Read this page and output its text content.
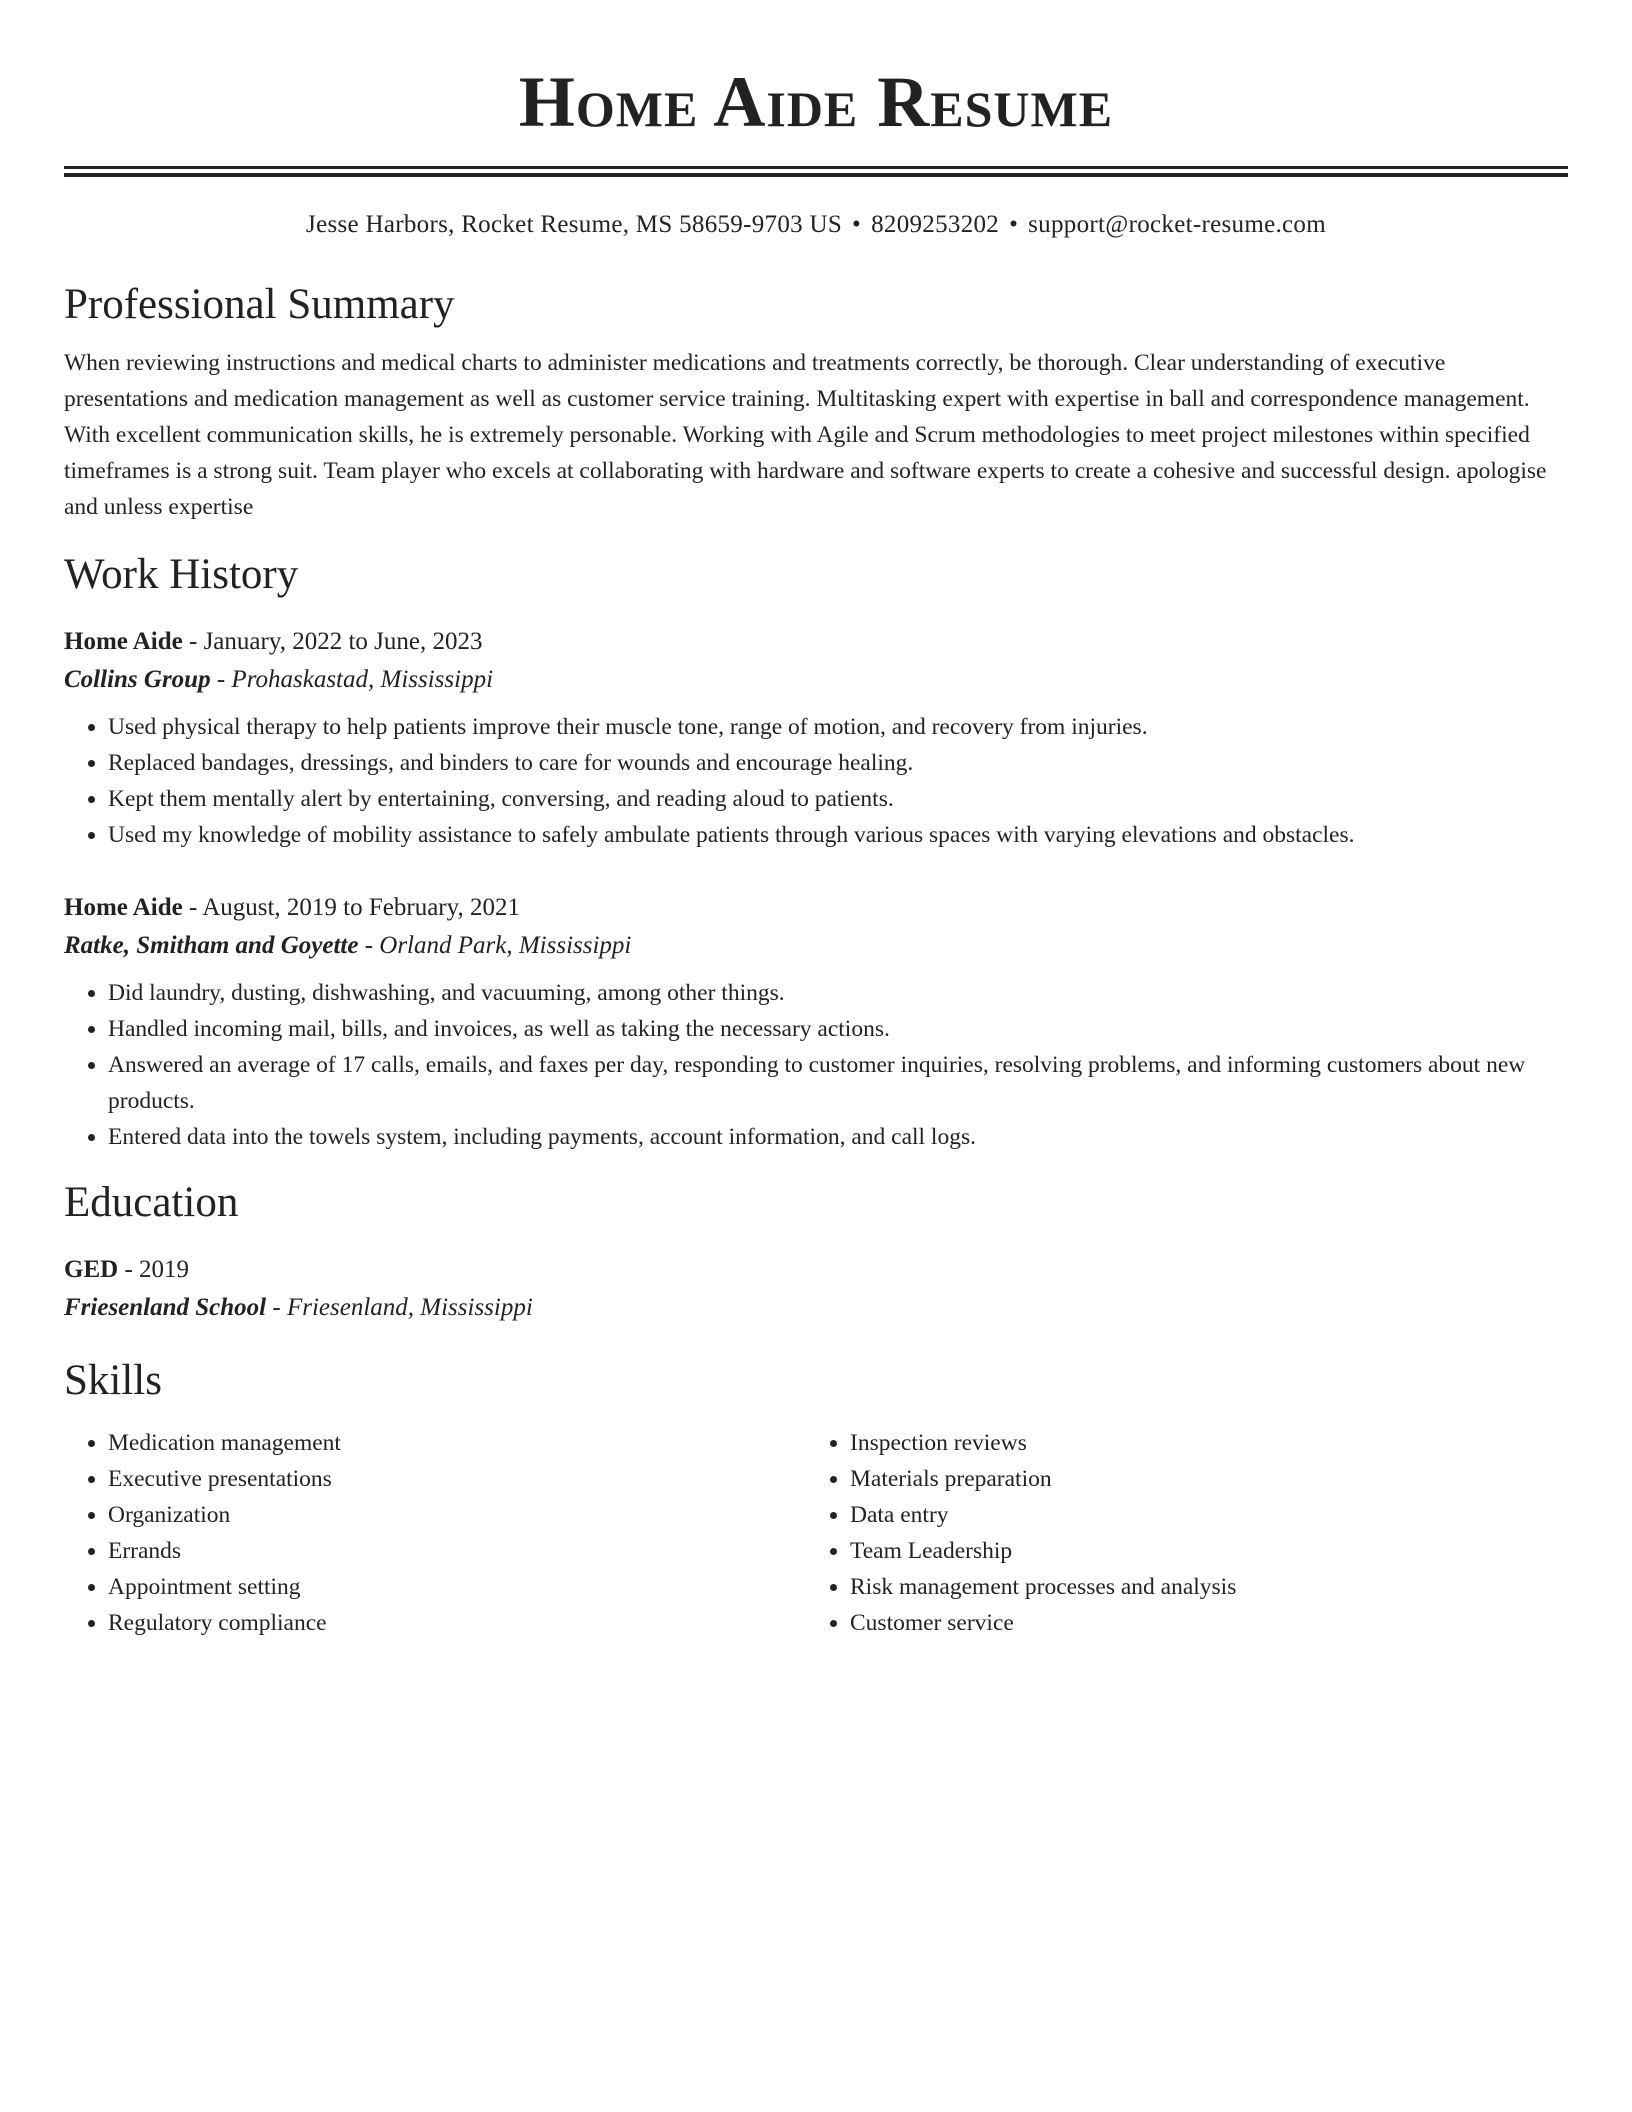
Home Aide Resume
Jesse Harbors, Rocket Resume, MS 58659-9703 US • 8209253202 • support@rocket-resume.com
Professional Summary

When reviewing instructions and medical charts to administer medications and treatments correctly, be thorough. Clear understanding of executive presentations and medication management as well as customer service training. Multitasking expert with expertise in ball and correspondence management. With excellent communication skills, he is extremely personable. Working with Agile and Scrum methodologies to meet project milestones within specified timeframes is a strong suit. Team player who excels at collaborating with hardware and software experts to create a cohesive and successful design. apologise and unless expertise

Work History
Home Aide - January, 2022 to June, 2023
Collins Group - Prohaskastad, Mississippi
• Used physical therapy to help patients improve their muscle tone, range of motion, and recovery from injuries.
• Replaced bandages, dressings, and binders to care for wounds and encourage healing.
• Kept them mentally alert by entertaining, conversing, and reading aloud to patients.
• Used my knowledge of mobility assistance to safely ambulate patients through various spaces with varying elevations and obstacles.
Home Aide - August, 2019 to February, 2021
Ratke, Smitham and Goyette - Orland Park, Mississippi
• Did laundry, dusting, dishwashing, and vacuuming, among other things.
• Handled incoming mail, bills, and invoices, as well as taking the necessary actions.
• Answered an average of 17 calls, emails, and faxes per day, responding to customer inquiries, resolving problems, and informing customers about new products.
• Entered data into the towels system, including payments, account information, and call logs.
Education
GED - 2019
Friesenland School - Friesenland, Mississippi
Skills
• Medication management
• Executive presentations
• Organization
• Errands
• Appointment setting
• Regulatory compliance
• Inspection reviews
• Materials preparation
• Data entry
• Team Leadership
• Risk management processes and analysis
• Customer service
